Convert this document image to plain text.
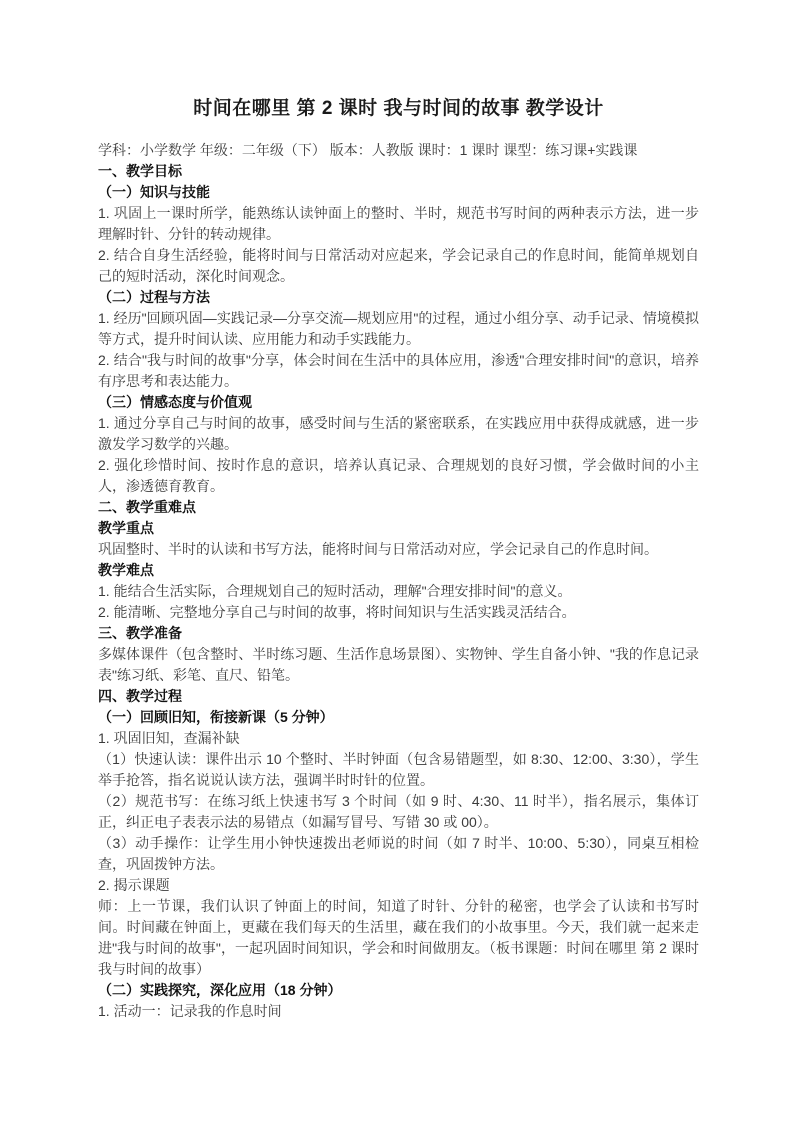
时间在哪里 第 2 课时 我与时间的故事 教学设计

学科：小学数学 年级：二年级（下） 版本：人教版 课时：1 课时 课型：练习课+实践课

一、教学目标

（一）知识与技能

1. 巩固上一课时所学，能熟练认读钟面上的整时、半时，规范书写时间的两种表示方法，进一步理解时针、分针的转动规律。

2. 结合自身生活经验，能将时间与日常活动对应起来，学会记录自己的作息时间，能简单规划自己的短时活动，深化时间观念。

（二）过程与方法

1. 经历"回顾巩固—实践记录—分享交流—规划应用"的过程，通过小组分享、动手记录、情境模拟等方式，提升时间认读、应用能力和动手实践能力。

2. 结合"我与时间的故事"分享，体会时间在生活中的具体应用，渗透"合理安排时间"的意识，培养有序思考和表达能力。

（三）情感态度与价值观

1. 通过分享自己与时间的故事，感受时间与生活的紧密联系，在实践应用中获得成就感，进一步激发学习数学的兴趣。

2. 强化珍惜时间、按时作息的意识，培养认真记录、合理规划的良好习惯，学会做时间的小主人，渗透德育教育。

二、教学重难点

教学重点

巩固整时、半时的认读和书写方法，能将时间与日常活动对应，学会记录自己的作息时间。

教学难点

1. 能结合生活实际，合理规划自己的短时活动，理解"合理安排时间"的意义。

2. 能清晰、完整地分享自己与时间的故事，将时间知识与生活实践灵活结合。

三、教学准备

多媒体课件（包含整时、半时练习题、生活作息场景图）、实物钟、学生自备小钟、"我的作息记录表"练习纸、彩笔、直尺、铅笔。

四、教学过程

（一）回顾旧知，衔接新课（5 分钟）

1. 巩固旧知，查漏补缺

（1）快速认读：课件出示 10 个整时、半时钟面（包含易错题型，如 8:30、12:00、3:30），学生举手抢答，指名说说认读方法，强调半时时针的位置。

（2）规范书写：在练习纸上快速书写 3 个时间（如 9 时、4:30、11 时半），指名展示，集体订正，纠正电子表表示法的易错点（如漏写冒号、写错 30 或 00）。

（3）动手操作：让学生用小钟快速拨出老师说的时间（如 7 时半、10:00、5:30），同桌互相检查，巩固拨钟方法。

2. 揭示课题

师：上一节课，我们认识了钟面上的时间，知道了时针、分针的秘密，也学会了认读和书写时间。时间藏在钟面上，更藏在我们每天的生活里，藏在我们的小故事里。今天，我们就一起来走进"我与时间的故事"，一起巩固时间知识，学会和时间做朋友。（板书课题：时间在哪里 第 2 课时 我与时间的故事）

（二）实践探究，深化应用（18 分钟）

1. 活动一：记录我的作息时间
